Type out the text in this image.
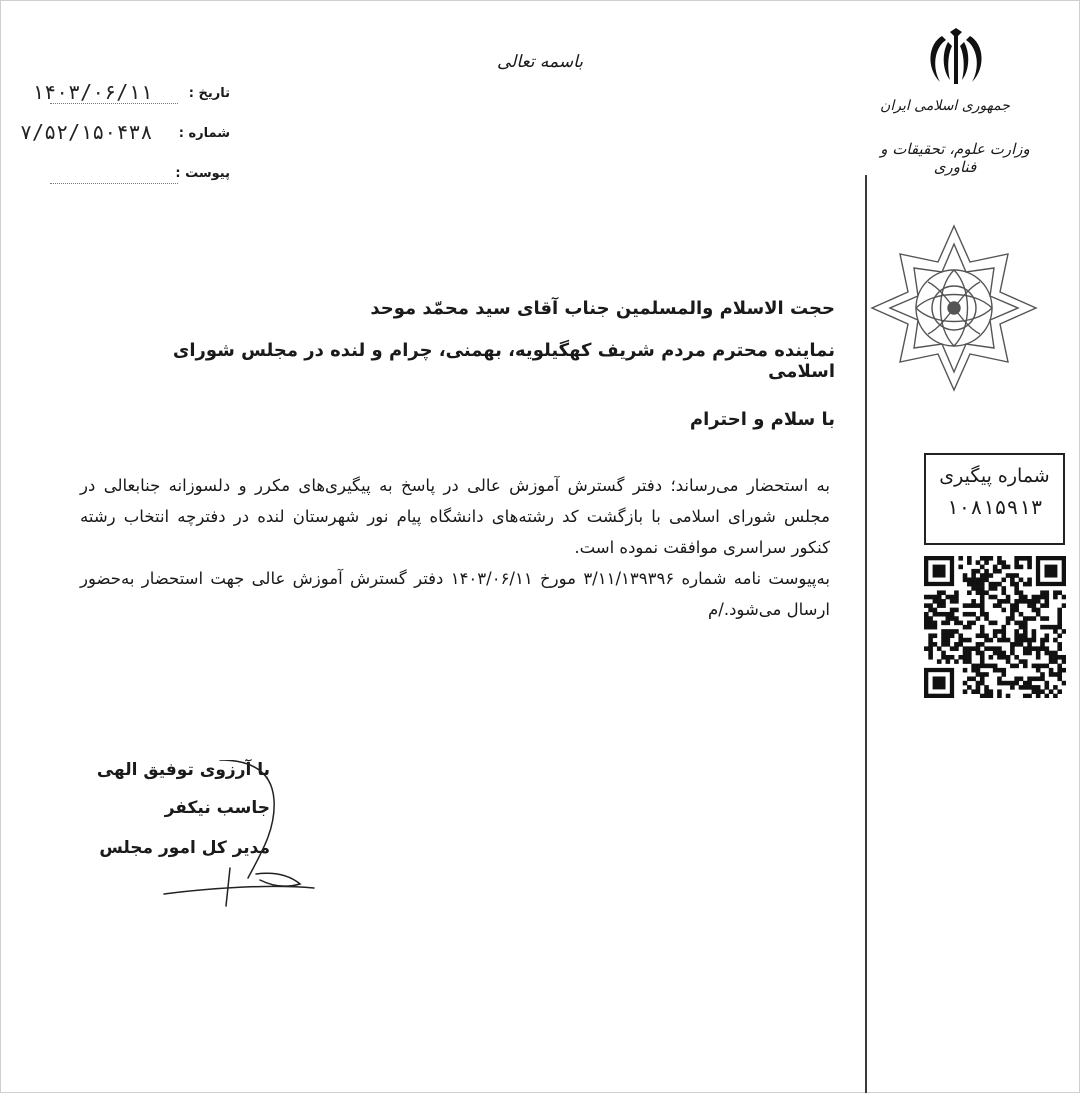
باسمه تعالی
جمهوری اسلامی ایران
وزارت علوم، تحقیقات و فناوری
تاریخ :
۱۴۰۳/۰۶/۱۱
شماره :
۷/۵۲/۱۵۰۴۳۸
پیوست :
حجت الاسلام والمسلمین جناب آقای سید محمّد موحد
نماینده محترم مردم شریف کهگیلویه، بهمنی، چرام و لنده در مجلس شورای اسلامی
با سلام و احترام

به استحضار می‌رساند؛ دفتر گسترش آموزش عالی در پاسخ به پیگیری‌های مکرر و دلسوزانه جنابعالی در مجلس شورای اسلامی با بازگشت کد رشته‌های دانشگاه پیام نور شهرستان لنده در دفترچه انتخاب رشته کنکور سراسری موافقت نموده است.

به‌پیوست نامه شماره ۳/۱۱/۱۳۹۳۹۶ مورخ ۱۴۰۳/۰۶/۱۱ دفتر گسترش آموزش عالی جهت استحضار به‌حضور ارسال می‌شود./م

شماره پیگیری
۱۰۸۱۵۹۱۳
با آرزوی توفیق الهی
جاسب نیکفر
مدیر کل امور مجلس
